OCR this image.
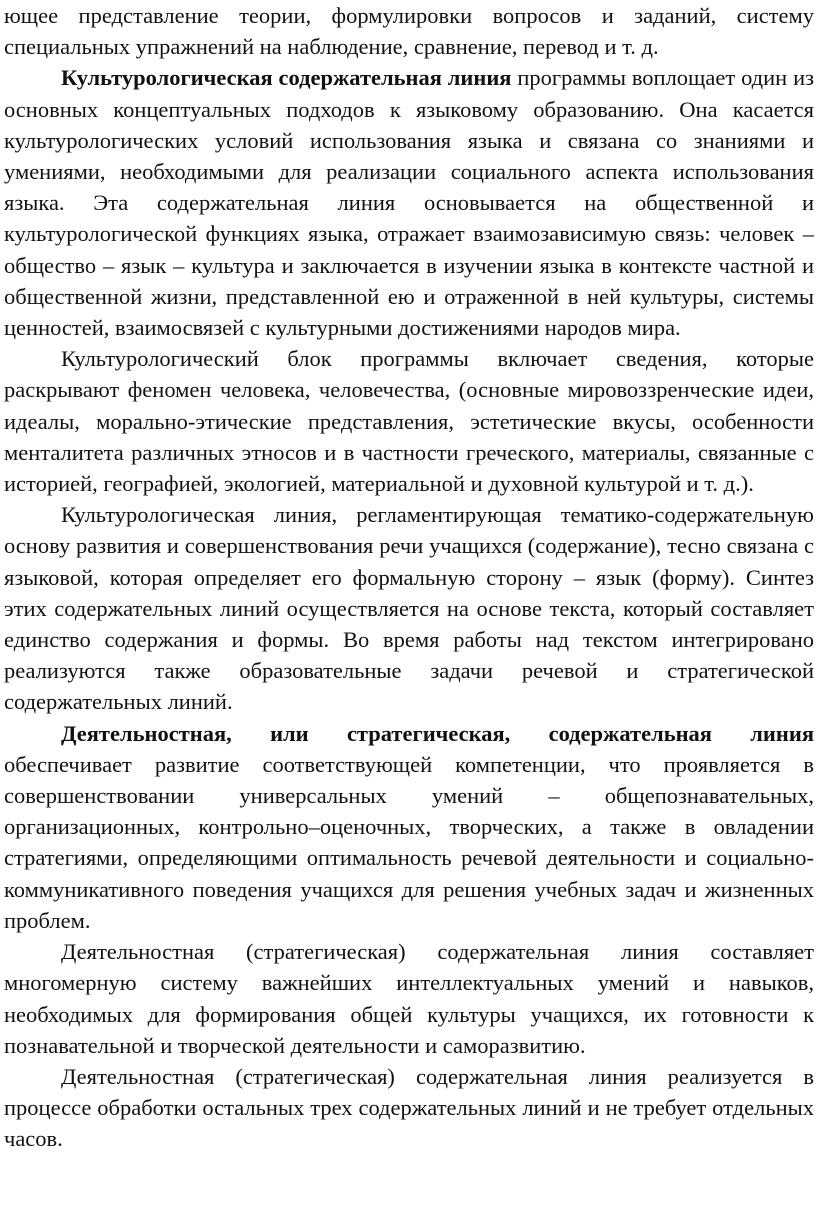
ющее представление теории, формулировки вопросов и заданий, систему специальных упражнений на наблюдение, сравнение, перевод и т. д.

Культурологическая содержательная линия программы воплощает один из основных концептуальных подходов к языковому образованию. Она касается культурологических условий использования языка и связана со знаниями и умениями, необходимыми для реализации социального аспекта использования языка. Эта содержательная линия основывается на общественной и культурологической функциях языка, отражает взаимозависимую связь: человек – общество – язык – культура и заключается в изучении языка в контексте частной и общественной жизни, представленной ею и отраженной в ней культуры, системы ценностей, взаимосвязей с культурными достижениями народов мира.

Культурологический блок программы включает сведения, которые раскрывают феномен человека, человечества, (основные мировоззренческие идеи, идеалы, морально-этические представления, эстетические вкусы, особенности менталитета различных этносов и в частности греческого, материалы, связанные с историей, географией, экологией, материальной и духовной культурой и т. д.).

Культурологическая линия, регламентирующая тематико-содержательную основу развития и совершенствования речи учащихся (содержание), тесно связана с языковой, которая определяет его формальную сторону – язык (форму). Синтез этих содержательных линий осуществляется на основе текста, который составляет единство содержания и формы. Во время работы над текстом интегрировано реализуются также образовательные задачи речевой и стратегической содержательных линий.

Деятельностная, или стратегическая, содержательная линия обеспечивает развитие соответствующей компетенции, что проявляется в совершенствовании универсальных умений – общепознавательных, организационных, контрольно–оценочных, творческих, а также в овладении стратегиями, определяющими оптимальность речевой деятельности и социально-коммуникативного поведения учащихся для решения учебных задач и жизненных проблем.

Деятельностная (стратегическая) содержательная линия составляет многомерную систему важнейших интеллектуальных умений и навыков, необходимых для формирования общей культуры учащихся, их готовности к познавательной и творческой деятельности и саморазвитию.

Деятельностная (стратегическая) содержательная линия реализуется в процессе обработки остальных трех содержательных линий и не требует отдельных часов.
